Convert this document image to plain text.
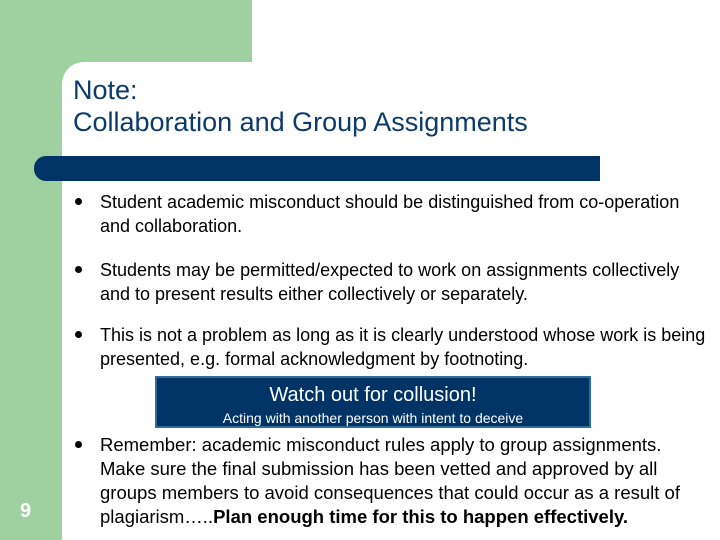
Note:
Collaboration and Group Assignments
Student academic misconduct should be distinguished from co-operation and collaboration.
Students may be permitted/expected to work on assignments collectively and to present results either collectively or separately.
This is not a problem as long as it is clearly understood whose work is being presented, e.g. formal acknowledgment by footnoting.
Remember: academic misconduct rules apply to group assignments. Make sure the final submission has been vetted and approved by all groups members to avoid consequences that could occur as a result of plagiarism…..Plan enough time for this to happen effectively.
Watch out for collusion!
Acting with another person with intent to deceive
9
